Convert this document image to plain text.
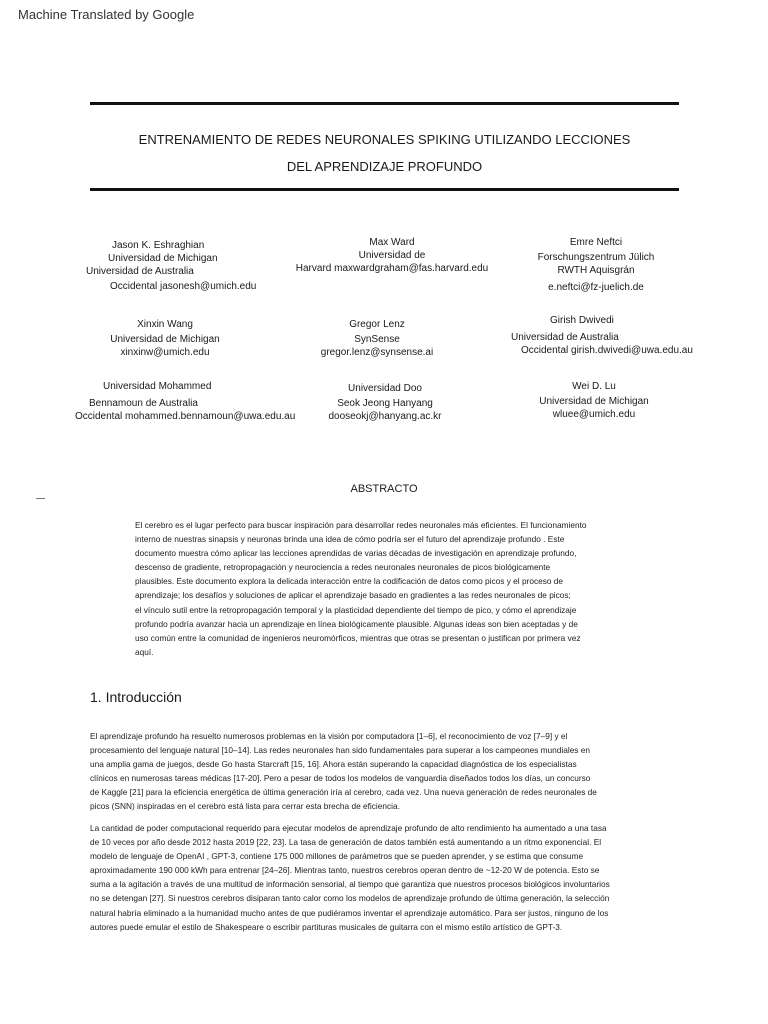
Machine Translated by Google
ENTRENAMIENTO DE REDES NEURONALES SPIKING UTILIZANDO LECCIONES
DEL APRENDIZAJE PROFUNDO
Jason K. Eshraghian
Universidad de Michigan
Universidad de Australia
Occidental jasonesh@umich.edu
Max Ward
Universidad de
Harvard maxwardgraham@fas.harvard.edu
Emre Neftci
Forschungszentrum Jülich
RWTH Aquisgrán
e.neftci@fz-juelich.de
Xinxin Wang
Universidad de Michigan
xinxinw@umich.edu
Gregor Lenz
SynSense
gregor.lenz@synsense.ai
Girish Dwivedi
Universidad de Australia
Occidental girish.dwivedi@uwa.edu.au
Universidad Mohammed
Bennamoun de Australia
Occidental mohammed.bennamoun@uwa.edu.au
Universidad Doo
Seok Jeong Hanyang
dooseokj@hanyang.ac.kr
Wei D. Lu
Universidad de Michigan
wluee@umich.edu
ABSTRACTO
El cerebro es el lugar perfecto para buscar inspiración para desarrollar redes neuronales más eficientes. El funcionamiento
interno de nuestras sinapsis y neuronas brinda una idea de cómo podría ser el futuro del aprendizaje profundo . Este
documento muestra cómo aplicar las lecciones aprendidas de varias décadas de investigación en aprendizaje profundo,
descenso de gradiente, retropropagación y neurociencia a redes neuronales neuronales de picos biológicamente
plausibles. Este documento explora la delicada interacción entre la codificación de datos como picos y el proceso de
aprendizaje; los desafíos y soluciones de aplicar el aprendizaje basado en gradientes a las redes neuronales de picos;
el vínculo sutil entre la retropropagación temporal y la plasticidad dependiente del tiempo de pico, y cómo el aprendizaje
profundo podría avanzar hacia un aprendizaje en línea biológicamente plausible. Algunas ideas son bien aceptadas y de
uso común entre la comunidad de ingenieros neuromórficos, mientras que otras se presentan o justifican por primera vez
aquí.
1. Introducción
El aprendizaje profundo ha resuelto numerosos problemas en la visión por computadora [1–6], el reconocimiento de voz [7–9] y el
procesamiento del lenguaje natural [10–14]. Las redes neuronales han sido fundamentales para superar a los campeones mundiales en
una amplia gama de juegos, desde Go hasta Starcraft [15, 16]. Ahora están superando la capacidad diagnóstica de los especialistas
clínicos en numerosas tareas médicas [17-20]. Pero a pesar de todos los modelos de vanguardia diseñados todos los días, un concurso
de Kaggle [21] para la eficiencia energética de última generación iría al cerebro, cada vez. Una nueva generación de redes neuronales de
picos (SNN) inspiradas en el cerebro está lista para cerrar esta brecha de eficiencia.
La cantidad de poder computacional requerido para ejecutar modelos de aprendizaje profundo de alto rendimiento ha aumentado a una tasa
de 10 veces por año desde 2012 hasta 2019 [22, 23]. La tasa de generación de datos también está aumentando a un ritmo exponencial. El
modelo de lenguaje de OpenAI , GPT-3, contiene 175 000 millones de parámetros que se pueden aprender, y se estima que consume
aproximadamente 190 000 kWh para entrenar [24–26]. Mientras tanto, nuestros cerebros operan dentro de ~12-20 W de potencia. Esto se
suma a la agitación a través de una multitud de información sensorial, al tiempo que garantiza que nuestros procesos biológicos involuntarios
no se detengan [27]. Si nuestros cerebros disiparan tanto calor como los modelos de aprendizaje profundo de última generación, la selección
natural habría eliminado a la humanidad mucho antes de que pudiéramos inventar el aprendizaje automático. Para ser justos, ninguno de los
autores puede emular el estilo de Shakespeare o escribir partituras musicales de guitarra con el mismo estilo artístico de GPT-3.
